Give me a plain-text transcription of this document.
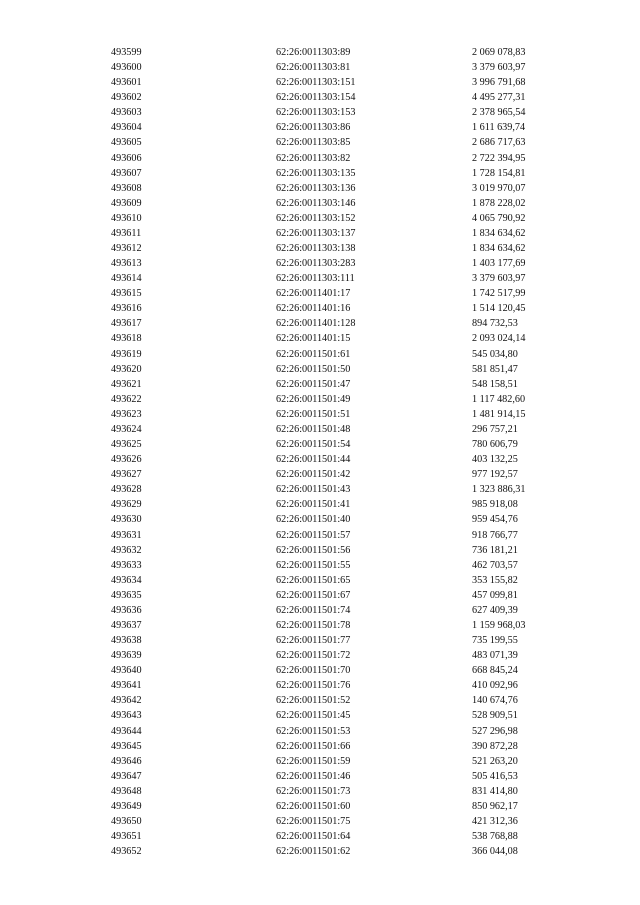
493599	62:26:0011303:89	2 069 078,83
493600	62:26:0011303:81	3 379 603,97
493601	62:26:0011303:151	3 996 791,68
493602	62:26:0011303:154	4 495 277,31
493603	62:26:0011303:153	2 378 965,54
493604	62:26:0011303:86	1 611 639,74
493605	62:26:0011303:85	2 686 717,63
493606	62:26:0011303:82	2 722 394,95
493607	62:26:0011303:135	1 728 154,81
493608	62:26:0011303:136	3 019 970,07
493609	62:26:0011303:146	1 878 228,02
493610	62:26:0011303:152	4 065 790,92
493611	62:26:0011303:137	1 834 634,62
493612	62:26:0011303:138	1 834 634,62
493613	62:26:0011303:283	1 403 177,69
493614	62:26:0011303:111	3 379 603,97
493615	62:26:0011401:17	1 742 517,99
493616	62:26:0011401:16	1 514 120,45
493617	62:26:0011401:128	894 732,53
493618	62:26:0011401:15	2 093 024,14
493619	62:26:0011501:61	545 034,80
493620	62:26:0011501:50	581 851,47
493621	62:26:0011501:47	548 158,51
493622	62:26:0011501:49	1 117 482,60
493623	62:26:0011501:51	1 481 914,15
493624	62:26:0011501:48	296 757,21
493625	62:26:0011501:54	780 606,79
493626	62:26:0011501:44	403 132,25
493627	62:26:0011501:42	977 192,57
493628	62:26:0011501:43	1 323 886,31
493629	62:26:0011501:41	985 918,08
493630	62:26:0011501:40	959 454,76
493631	62:26:0011501:57	918 766,77
493632	62:26:0011501:56	736 181,21
493633	62:26:0011501:55	462 703,57
493634	62:26:0011501:65	353 155,82
493635	62:26:0011501:67	457 099,81
493636	62:26:0011501:74	627 409,39
493637	62:26:0011501:78	1 159 968,03
493638	62:26:0011501:77	735 199,55
493639	62:26:0011501:72	483 071,39
493640	62:26:0011501:70	668 845,24
493641	62:26:0011501:76	410 092,96
493642	62:26:0011501:52	140 674,76
493643	62:26:0011501:45	528 909,51
493644	62:26:0011501:53	527 296,98
493645	62:26:0011501:66	390 872,28
493646	62:26:0011501:59	521 263,20
493647	62:26:0011501:46	505 416,53
493648	62:26:0011501:73	831 414,80
493649	62:26:0011501:60	850 962,17
493650	62:26:0011501:75	421 312,36
493651	62:26:0011501:64	538 768,88
493652	62:26:0011501:62	366 044,08
